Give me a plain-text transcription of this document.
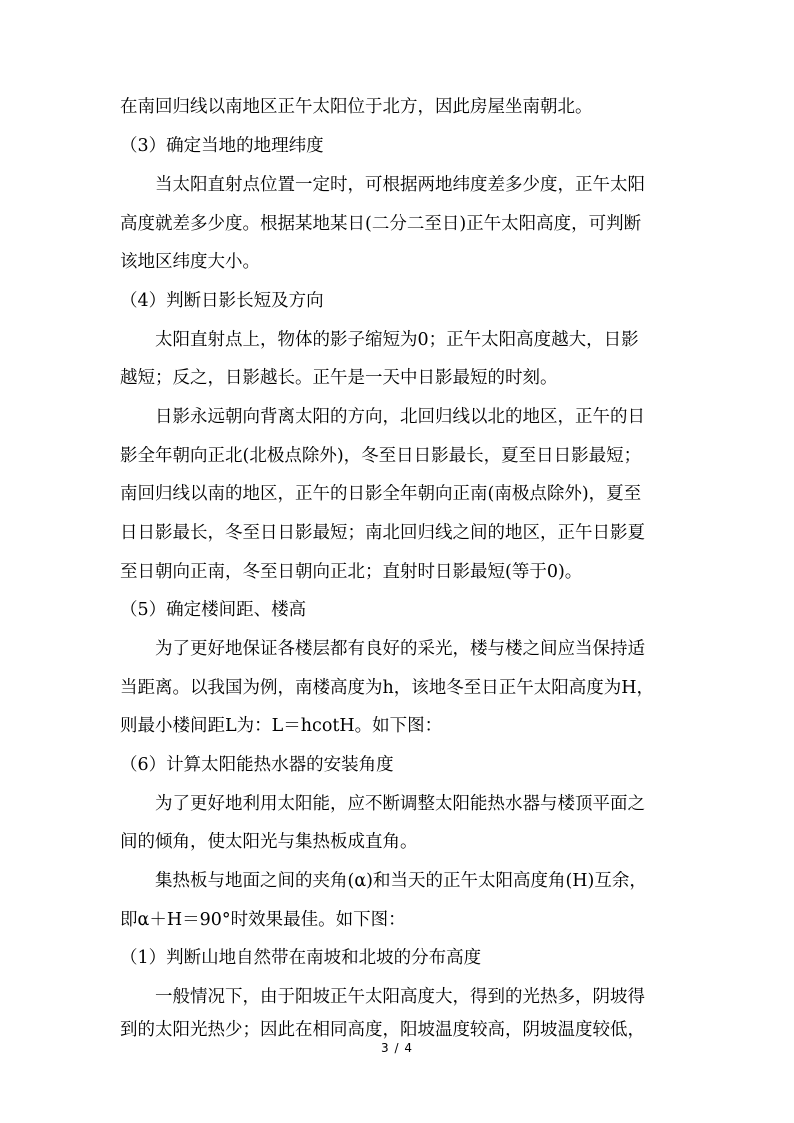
在南回归线以南地区正午太阳位于北方，因此房屋坐南朝北。
（3）确定当地的地理纬度
当太阳直射点位置一定时，可根据两地纬度差多少度，正午太阳
高度就差多少度。根据某地某日(二分二至日)正午太阳高度，可判断
该地区纬度大小。
（4）判断日影长短及方向
太阳直射点上，物体的影子缩短为0；正午太阳高度越大，日影
越短；反之，日影越长。正午是一天中日影最短的时刻。
日影永远朝向背离太阳的方向，北回归线以北的地区，正午的日
影全年朝向正北(北极点除外)，冬至日日影最长，夏至日日影最短；
南回归线以南的地区，正午的日影全年朝向正南(南极点除外)，夏至
日日影最长，冬至日日影最短；南北回归线之间的地区，正午日影夏
至日朝向正南，冬至日朝向正北；直射时日影最短(等于0)。
（5）确定楼间距、楼高
为了更好地保证各楼层都有良好的采光，楼与楼之间应当保持适
当距离。以我国为例，南楼高度为h，该地冬至日正午太阳高度为H，
则最小楼间距L为：L＝hcotH。如下图：
（6）计算太阳能热水器的安装角度
为了更好地利用太阳能，应不断调整太阳能热水器与楼顶平面之
间的倾角，使太阳光与集热板成直角。
集热板与地面之间的夹角(α)和当天的正午太阳高度角(H)互余，
即α＋H＝90°时效果最佳。如下图：
（1）判断山地自然带在南坡和北坡的分布高度
一般情况下，由于阳坡正午太阳高度大，得到的光热多，阴坡得
到的太阳光热少；因此在相同高度，阳坡温度较高，阴坡温度较低，
3 / 4
